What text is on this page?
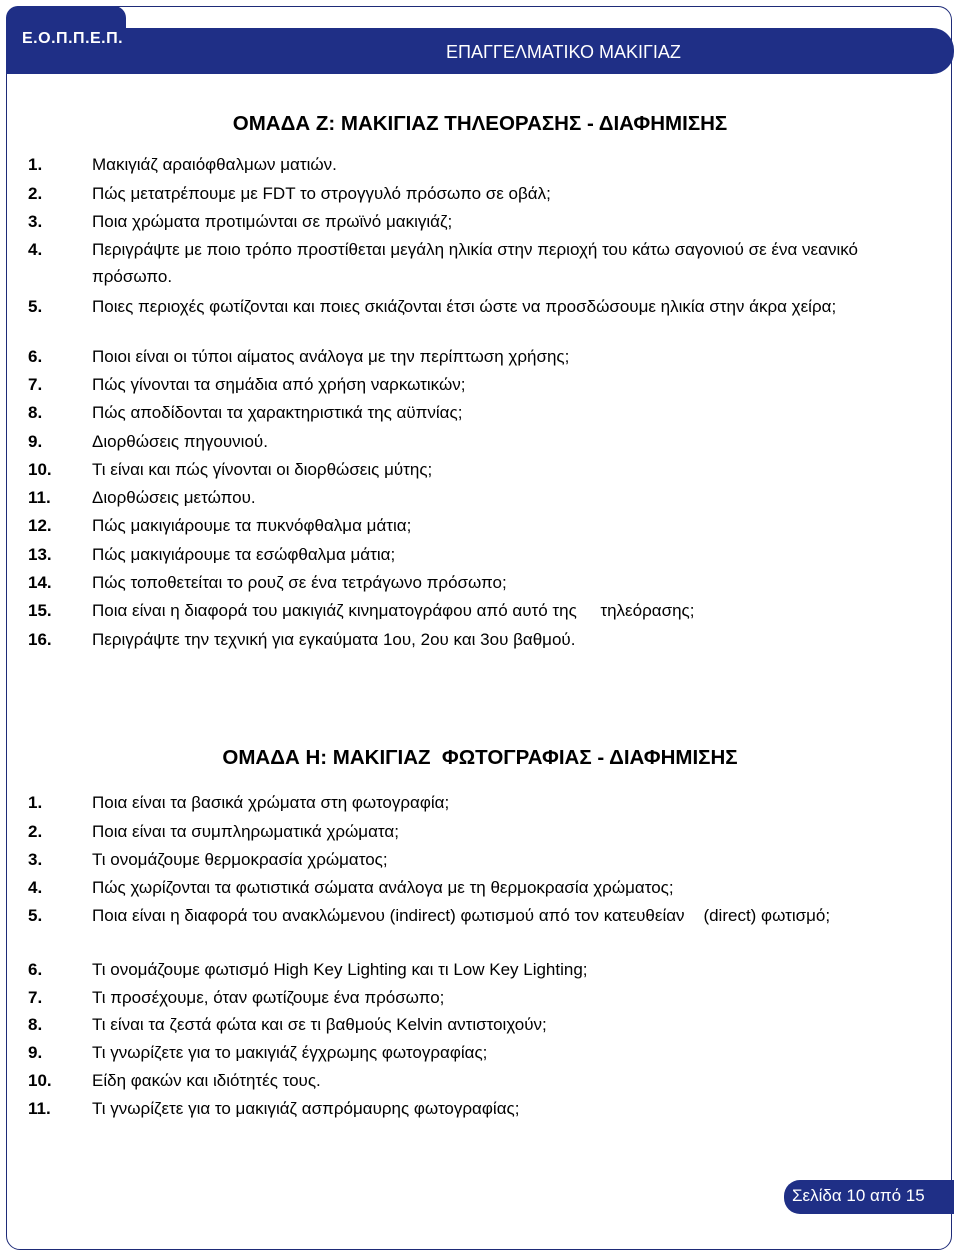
Ε.Ο.Π.Π.Ε.Π.
ΕΠΑΓΓΕΛΜΑΤΙΚΟ ΜΑΚΙΓΙΑΖ
ΟΜΑΔΑ Ζ: ΜΑΚΙΓΙΑΖ ΤΗΛΕΟΡΑΣΗΣ - ΔΙΑΦΗΜΙΣΗΣ
1.	Μακιγιάζ αραιόφθαλμων ματιών.
2.	Πώς μετατρέπουμε με FDT το στρογγυλό πρόσωπο σε οβάλ;
3.	Ποια χρώματα προτιμώνται σε πρωϊνό μακιγιάζ;
4.	Περιγράψτε με ποιο τρόπο προστίθεται μεγάλη ηλικία στην περιοχή του κάτω σαγονιού σε ένα νεανικό πρόσωπο.
5.	Ποιες περιοχές φωτίζονται και ποιες σκιάζονται έτσι ώστε να προσδώσουμε ηλικία στην άκρα χείρα;
6.	Ποιοι είναι οι τύποι αίματος ανάλογα με την περίπτωση χρήσης;
7.	Πώς γίνονται τα σημάδια από χρήση ναρκωτικών;
8.	Πώς αποδίδονται τα χαρακτηριστικά της αϋπνίας;
9.	Διορθώσεις πηγουνιού.
10. Τι είναι και πώς γίνονται οι διορθώσεις μύτης;
11. Διορθώσεις μετώπου.
12. Πώς μακιγιάρουμε τα πυκνόφθαλμα μάτια;
13. Πώς μακιγιάρουμε τα εσώφθαλμα μάτια;
14. Πώς τοποθετείται το ρουζ σε ένα τετράγωνο πρόσωπο;
15. Ποια είναι η διαφορά του μακιγιάζ κινηματογράφου από αυτό της     τηλεόρασης;
16. Περιγράψτε την τεχνική για εγκαύματα 1ου, 2ου και 3ου βαθμού.
ΟΜΑΔΑ Η: ΜΑΚΙΓΙΑΖ  ΦΩΤΟΓΡΑΦΙΑΣ - ΔΙΑΦΗΜΙΣΗΣ
1.	Ποια είναι τα βασικά χρώματα στη φωτογραφία;
2.	Ποια είναι τα συμπληρωματικά χρώματα;
3.	Τι ονομάζουμε θερμοκρασία χρώματος;
4.	Πώς χωρίζονται τα φωτιστικά σώματα ανάλογα με τη θερμοκρασία χρώματος;
5.	Ποια είναι η διαφορά του ανακλώμενου (indirect) φωτισμού από τον κατευθείαν    (direct) φωτισμό;
6.	Τι ονομάζουμε φωτισμό High Key Lighting και τι Low Key Lighting;
7.	Τι προσέχουμε, όταν φωτίζουμε ένα πρόσωπο;
8.	Τι είναι τα ζεστά φώτα και σε τι βαθμούς Kelvin αντιστοιχούν;
9.	Τι γνωρίζετε για το μακιγιάζ έγχρωμης φωτογραφίας;
10. Είδη φακών και ιδιότητές τους.
11. Τι γνωρίζετε για το μακιγιάζ ασπρόμαυρης φωτογραφίας;
Σελίδα 10 από 15
